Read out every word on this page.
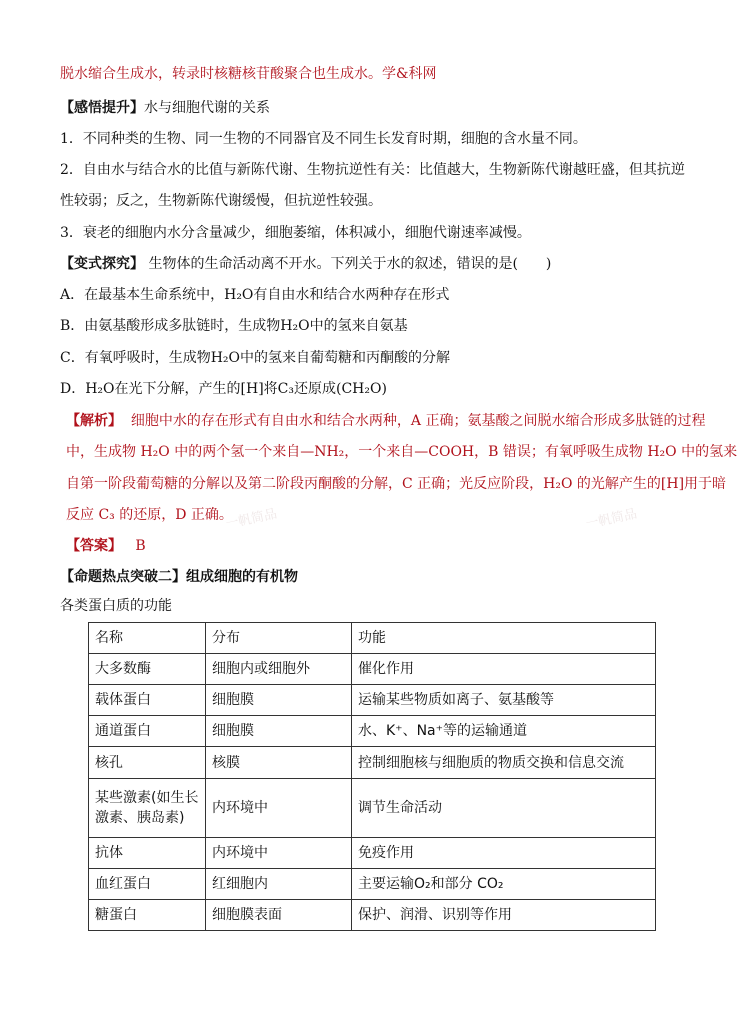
一帆简品	一帆简品
脱水缩合生成水，转录时核糖核苷酸聚合也生成水。学&科网
【感悟提升】水与细胞代谢的关系
1．不同种类的生物、同一生物的不同器官及不同生长发育时期，细胞的含水量不同。
2．自由水与结合水的比值与新陈代谢、生物抗逆性有关：比值越大，生物新陈代谢越旺盛，但其抗逆
性较弱；反之，生物新陈代谢缓慢，但抗逆性较强。
3．衰老的细胞内水分含量减少，细胞萎缩，体积减小，细胞代谢速率减慢。
【变式探究】 生物体的生命活动离不开水。下列关于水的叙述，错误的是(　　)
A．在最基本生命系统中，H₂O有自由水和结合水两种存在形式
B．由氨基酸形成多肽链时，生成物H₂O中的氢来自氨基
C．有氧呼吸时，生成物H₂O中的氢来自葡萄糖和丙酮酸的分解
D．H₂O在光下分解，产生的[H]将C₃还原成(CH₂O)
【解析】 细胞中水的存在形式有自由水和结合水两种，A 正确；氨基酸之间脱水缩合形成多肽链的过程
中，生成物 H₂O 中的两个氢一个来自—NH₂，一个来自—COOH，B 错误；有氧呼吸生成物 H₂O 中的氢来
自第一阶段葡萄糖的分解以及第二阶段丙酮酸的分解，C 正确；光反应阶段，H₂O 的光解产生的[H]用于暗
反应 C₃ 的还原，D 正确。
【答案】 B
【命题热点突破二】组成细胞的有机物
各类蛋白质的功能
名称	分布	功能
大多数酶	细胞内或细胞外	催化作用
载体蛋白	细胞膜	运输某些物质如离子、氨基酸等
通道蛋白	细胞膜	水、K⁺、Na⁺等的运输通道
核孔	核膜	控制细胞核与细胞质的物质交换和信息交流

某些激素(如生长
激素、胰岛素)	内环境中	调节生命活动
抗体	内环境中	免疫作用
血红蛋白	红细胞内	主要运输O₂和部分 CO₂
糖蛋白	细胞膜表面	保护、润滑、识别等作用
